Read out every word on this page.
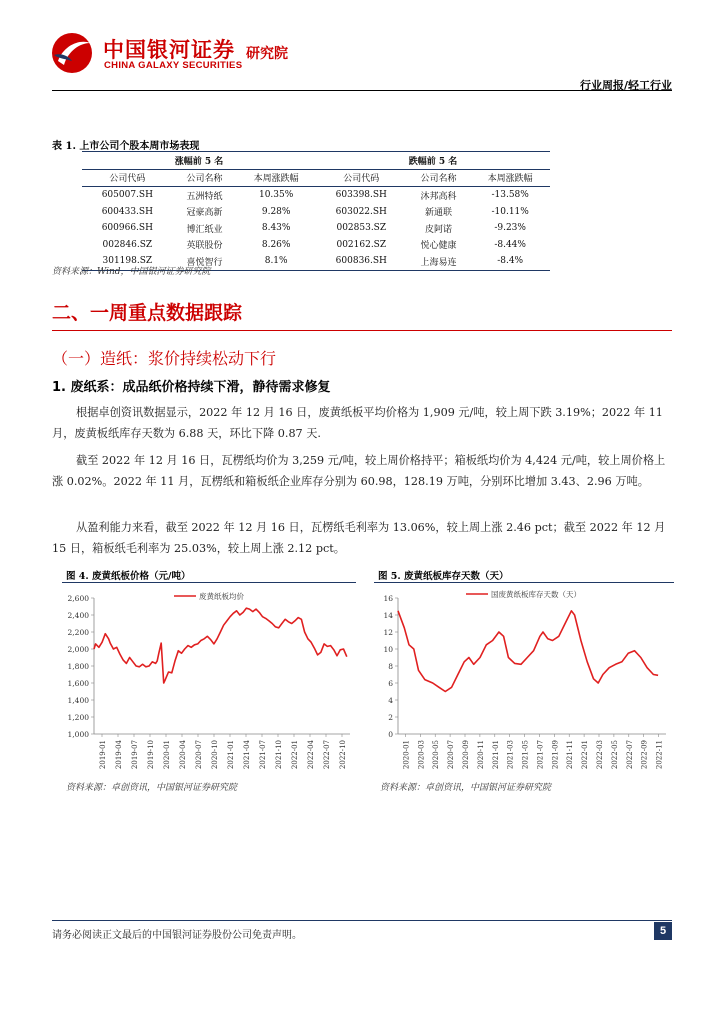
中国银河证券
CHINA GALAXY SECURITIES
研究院
行业周报/轻工行业
表 1. 上市公司个股本周市场表现
涨幅前 5 名			跌幅前 5 名		
公司代码	公司名称	本周涨跌幅	公司代码	公司名称	本周涨跌幅
605007.SH	五洲特纸	10.35%	603398.SH	沐邦高科	-13.58%
600433.SH	冠豪高新	9.28%	603022.SH	新通联	-10.11%
600966.SH	博汇纸业	8.43%	002853.SZ	皮阿诺	-9.23%
002846.SZ	英联股份	8.26%	002162.SZ	悦心健康	-8.44%
301198.SZ	喜悦智行	8.1%	600836.SH	上海易连	-8.4%
资料来源：Wind，中国银河证券研究院
二、一周重点数据跟踪
（一）造纸：浆价持续松动下行
1. 废纸系：成品纸价格持续下滑，静待需求修复

根据卓创资讯数据显示，2022 年 12 月 16 日，废黄纸板平均价格为 1,909 元/吨，较上周下跌 3.19%；2022 年 11 月，废黄板纸库存天数为 6.88 天，环比下降 0.87 天.

截至 2022 年 12 月 16 日，瓦楞纸均价为 3,259 元/吨，较上周价格持平；箱板纸均价为 4,424 元/吨，较上周价格上涨 0.02%。2022 年 11 月，瓦楞纸和箱板纸企业库存分别为 60.98，128.19 万吨，分别环比增加 3.43、2.96 万吨。

从盈利能力来看，截至 2022 年 12 月 16 日，瓦楞纸毛利率为 13.06%，较上周上涨 2.46 pct；截至 2022 年 12 月 15 日，箱板纸毛利率为 25.03%，较上周上涨 2.12 pct。

图 4. 废黄纸板价格（元/吨）	图 5. 废黄纸板库存天数（天）
1,000
1,200
1,400
1,600
1,800
2,000
2,200
2,400
2,600
2019-01 2019-04 2019-07 2019-10 2020-01 2020-04 2020-07 2020-10 2021-01 2021-04 2021-07 2021-10 2022-01 2022-04 2022-07 2022-10
废黄纸板均价
0
2
4
6
8
10
12
14
16
2020-01 2020-03 2020-05 2020-07 2020-09 2020-11 2021-01 2021-03 2021-05 2021-07 2021-09 2021-11 2022-01 2022-03 2022-05 2022-07 2022-09 2022-11
国废黄纸板库存天数（天）
资料来源：卓创资讯，中国银河证券研究院	资料来源：卓创资讯，中国银河证券研究院
请务必阅读正文最后的中国银河证券股份公司免责声明。	5
